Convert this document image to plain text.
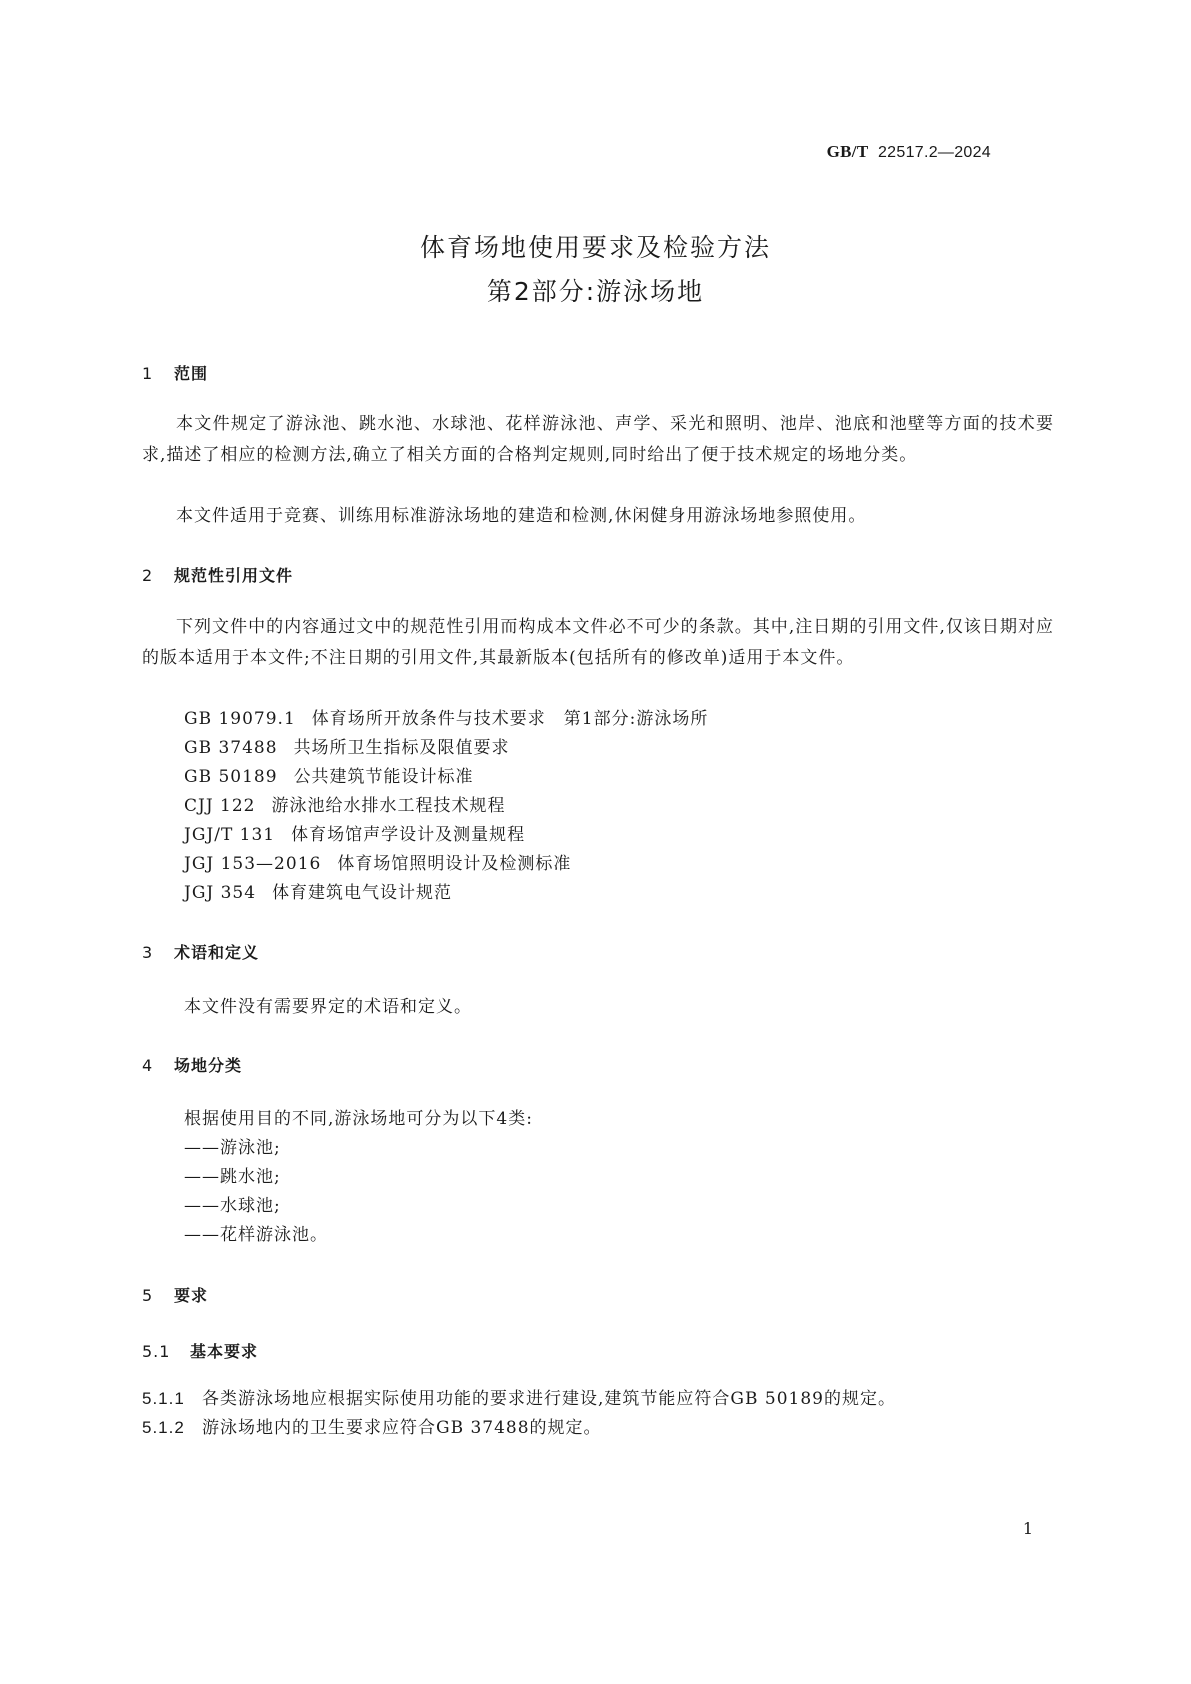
GB/T 22517.2—2024
体育场地使用要求及检验方法
第2部分:游泳场地
1 范围
本文件规定了游泳池、跳水池、水球池、花样游泳池、声学、采光和照明、池岸、池底和池壁等方面的技术要求,描述了相应的检测方法,确立了相关方面的合格判定规则,同时给出了便于技术规定的场地分类。
本文件适用于竞赛、训练用标准游泳场地的建造和检测,休闲健身用游泳场地参照使用。
2 规范性引用文件
下列文件中的内容通过文中的规范性引用而构成本文件必不可少的条款。其中,注日期的引用文件,仅该日期对应的版本适用于本文件;不注日期的引用文件,其最新版本(包括所有的修改单)适用于本文件。
GB 19079.1 体育场所开放条件与技术要求　第1部分:游泳场所
GB 37488 共场所卫生指标及限值要求
GB 50189 公共建筑节能设计标准
CJJ 122 游泳池给水排水工程技术规程
JGJ/T 131 体育场馆声学设计及测量规程
JGJ 153—2016 体育场馆照明设计及检测标准
JGJ 354 体育建筑电气设计规范
3 术语和定义
本文件没有需要界定的术语和定义。
4 场地分类
根据使用目的不同,游泳场地可分为以下4类:
——游泳池;
——跳水池;
——水球池;
——花样游泳池。
5 要求
5.1 基本要求
5.1.1 各类游泳场地应根据实际使用功能的要求进行建设,建筑节能应符合GB 50189的规定。
5.1.2 游泳场地内的卫生要求应符合GB 37488的规定。
1
